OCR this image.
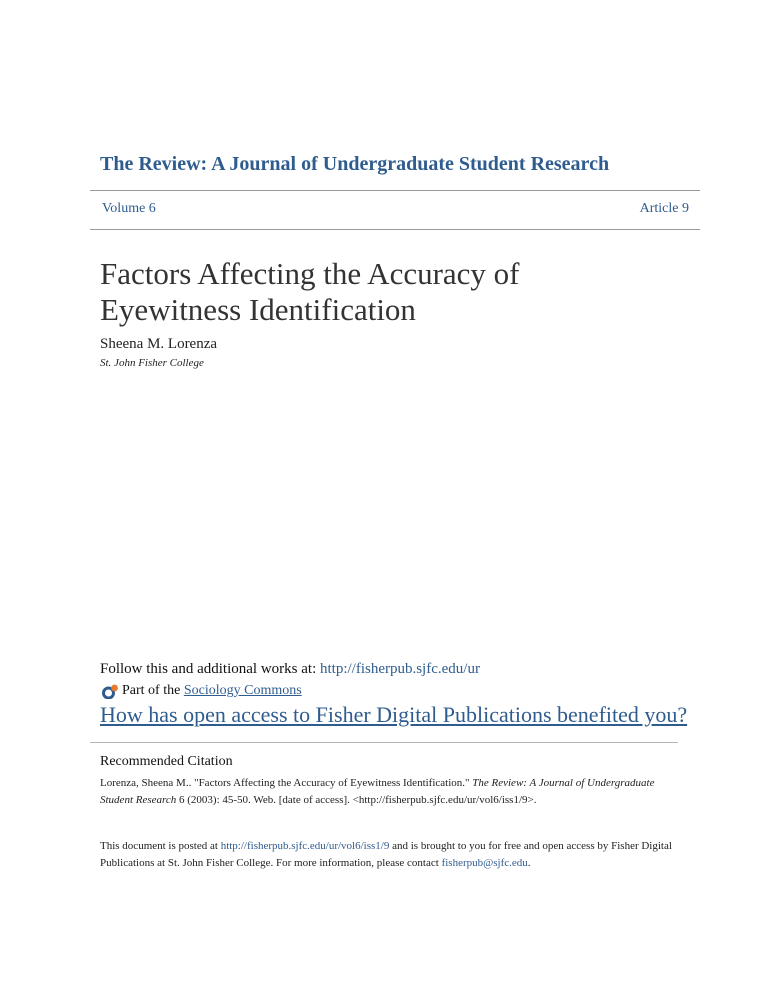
The Review: A Journal of Undergraduate Student Research
Volume 6	Article 9
Factors Affecting the Accuracy of Eyewitness Identification
Sheena M. Lorenza
St. John Fisher College
Follow this and additional works at: http://fisherpub.sjfc.edu/ur
Part of the
Sociology Commons
How has open access to Fisher Digital Publications benefited you?
Recommended Citation
Lorenza, Sheena M.. "Factors Affecting the Accuracy of Eyewitness Identification." The Review: A Journal of Undergraduate Student Research 6 (2003): 45-50. Web. [date of access]. <http://fisherpub.sjfc.edu/ur/vol6/iss1/9>.
This document is posted at http://fisherpub.sjfc.edu/ur/vol6/iss1/9 and is brought to you for free and open access by Fisher Digital Publications at St. John Fisher College. For more information, please contact fisherpub@sjfc.edu.
